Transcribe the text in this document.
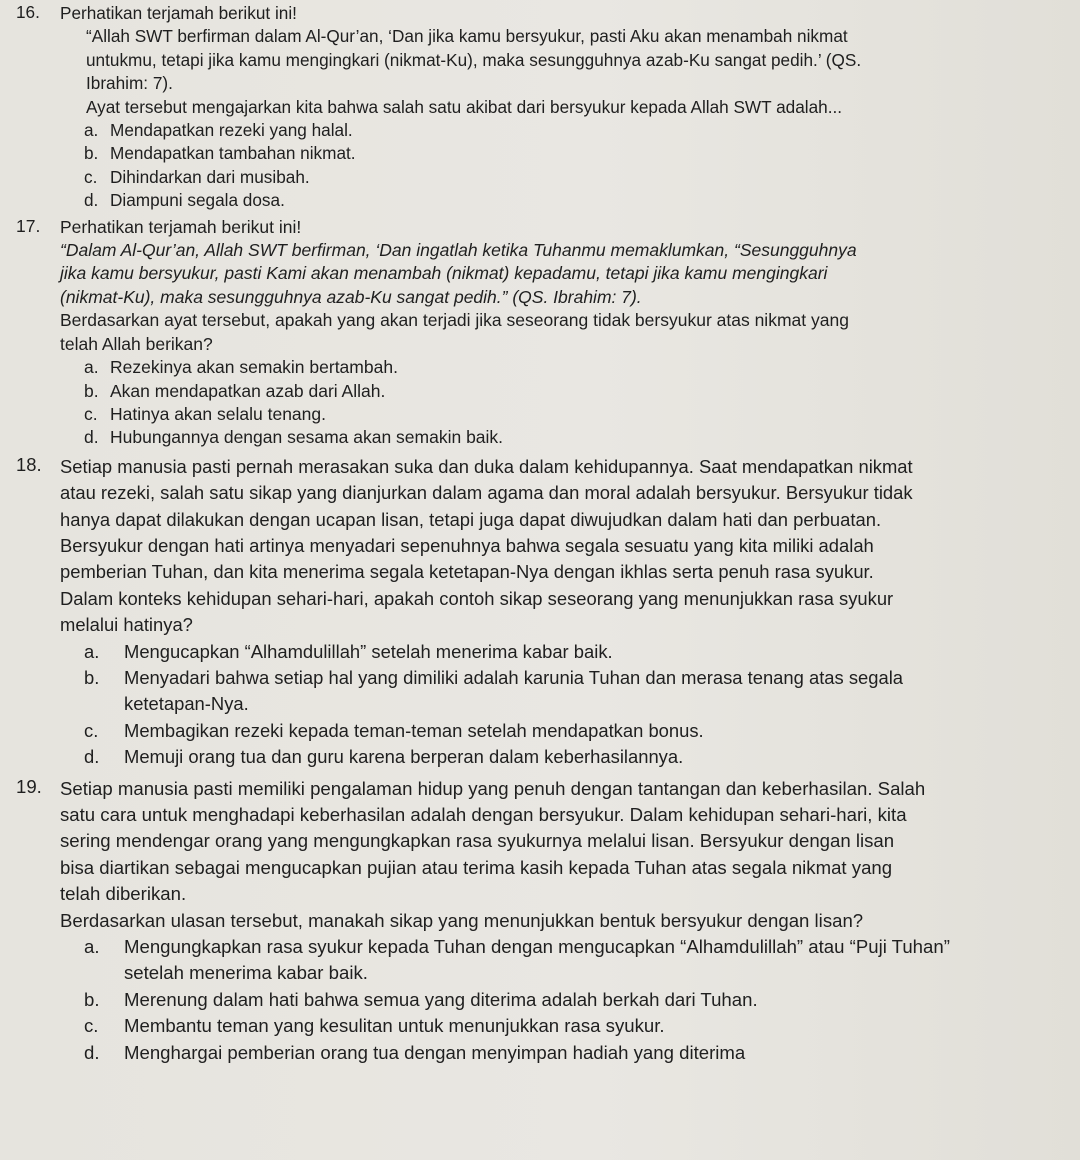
16. Perhatikan terjamah berikut ini!
“Allah SWT berfirman dalam Al-Qur’an, ‘Dan jika kamu bersyukur, pasti Aku akan menambah nikmat
untukmu, tetapi jika kamu mengingkari (nikmat-Ku), maka sesungguhnya azab-Ku sangat pedih.’ (QS.
Ibrahim: 7).
Ayat tersebut mengajarkan kita bahwa salah satu akibat dari bersyukur kepada Allah SWT adalah...
a. Mendapatkan rezeki yang halal.
b. Mendapatkan tambahan nikmat.
c. Dihindarkan dari musibah.
d. Diampuni segala dosa.
17. Perhatikan terjamah berikut ini!
“Dalam Al-Qur’an, Allah SWT berfirman, ‘Dan ingatlah ketika Tuhanmu memaklumkan, “Sesungguhnya
jika kamu bersyukur, pasti Kami akan menambah (nikmat) kepadamu, tetapi jika kamu mengingkari
(nikmat-Ku), maka sesungguhnya azab-Ku sangat pedih.” (QS. Ibrahim: 7).
Berdasarkan ayat tersebut, apakah yang akan terjadi jika seseorang tidak bersyukur atas nikmat yang
telah Allah berikan?
a. Rezekinya akan semakin bertambah.
b. Akan mendapatkan azab dari Allah.
c. Hatinya akan selalu tenang.
d. Hubungannya dengan sesama akan semakin baik.
18. Setiap manusia pasti pernah merasakan suka dan duka dalam kehidupannya. Saat mendapatkan nikmat
atau rezeki, salah satu sikap yang dianjurkan dalam agama dan moral adalah bersyukur. Bersyukur tidak
hanya dapat dilakukan dengan ucapan lisan, tetapi juga dapat diwujudkan dalam hati dan perbuatan.
Bersyukur dengan hati artinya menyadari sepenuhnya bahwa segala sesuatu yang kita miliki adalah
pemberian Tuhan, dan kita menerima segala ketetapan-Nya dengan ikhlas serta penuh rasa syukur.
Dalam konteks kehidupan sehari-hari, apakah contoh sikap seseorang yang menunjukkan rasa syukur
melalui hatinya?
a. Mengucapkan “Alhamdulillah” setelah menerima kabar baik.
b. Menyadari bahwa setiap hal yang dimiliki adalah karunia Tuhan dan merasa tenang atas segala
ketetapan-Nya.
c. Membagikan rezeki kepada teman-teman setelah mendapatkan bonus.
d. Memuji orang tua dan guru karena berperan dalam keberhasilannya.
19. Setiap manusia pasti memiliki pengalaman hidup yang penuh dengan tantangan dan keberhasilan. Salah
satu cara untuk menghadapi keberhasilan adalah dengan bersyukur. Dalam kehidupan sehari-hari, kita
sering mendengar orang yang mengungkapkan rasa syukurnya melalui lisan. Bersyukur dengan lisan
bisa diartikan sebagai mengucapkan pujian atau terima kasih kepada Tuhan atas segala nikmat yang
telah diberikan.
Berdasarkan ulasan tersebut, manakah sikap yang menunjukkan bentuk bersyukur dengan lisan?
a. Mengungkapkan rasa syukur kepada Tuhan dengan mengucapkan “Alhamdulillah” atau “Puji Tuhan”
setelah menerima kabar baik.
b. Merenung dalam hati bahwa semua yang diterima adalah berkah dari Tuhan.
c. Membantu teman yang kesulitan untuk menunjukkan rasa syukur.
d. Menghargai pemberian orang tua dengan menyimpan hadiah yang diterima
